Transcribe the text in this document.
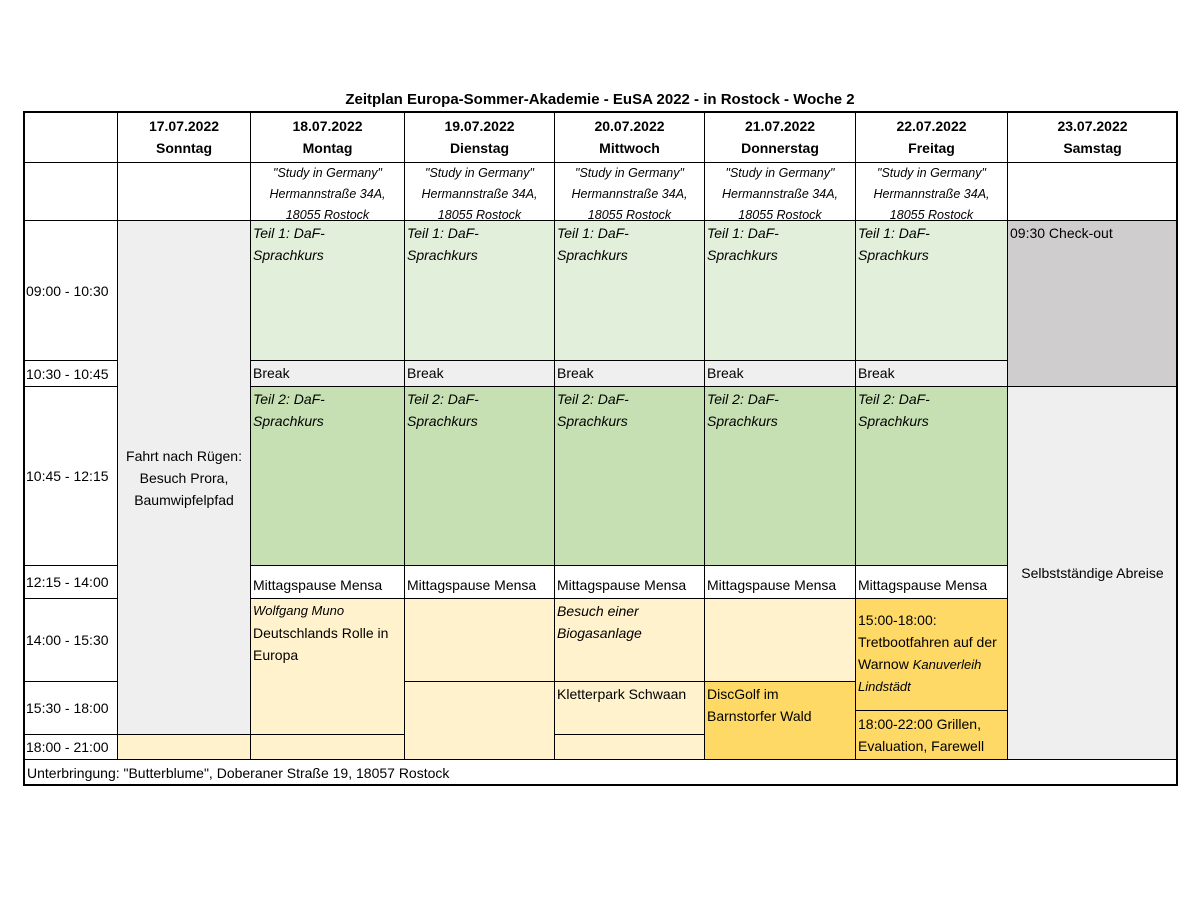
Zeitplan Europa-Sommer-Akademie - EuSA 2022 - in Rostock - Woche 2
17.07.2022
Sonntag
18.07.2022
Montag
19.07.2022
Dienstag
20.07.2022
Mittwoch
21.07.2022
Donnerstag
22.07.2022
Freitag
23.07.2022
Samstag
"Study in Germany"
Hermannstraße 34A,
18055 Rostock
"Study in Germany"
Hermannstraße 34A,
18055 Rostock
"Study in Germany"
Hermannstraße 34A,
18055 Rostock
"Study in Germany"
Hermannstraße 34A,
18055 Rostock
"Study in Germany"
Hermannstraße 34A,
18055 Rostock
09:00 - 10:30
10:30 - 10:45
10:45 - 12:15
12:15 - 14:00
14:00 - 15:30
15:30 - 18:00
18:00 - 21:00
Fahrt nach Rügen:
Besuch Prora,
Baumwipfelpfad
Teil 1: DaF-
Sprachkurs
Break
Teil 2: DaF-
Sprachkurs
Mittagspause Mensa
Wolfgang Muno
Deutschlands Rolle in
Europa
Teil 1: DaF-
Sprachkurs
Break
Teil 2: DaF-
Sprachkurs
Mittagspause Mensa
Teil 1: DaF-
Sprachkurs
Break
Teil 2: DaF-
Sprachkurs
Mittagspause Mensa
Besuch einer
Biogasanlage
Kletterpark Schwaan
Teil 1: DaF-
Sprachkurs
Break
Teil 2: DaF-
Sprachkurs
Mittagspause Mensa
DiscGolf im
Barnstorfer Wald
Teil 1: DaF-
Sprachkurs
Break
Teil 2: DaF-
Sprachkurs
Mittagspause Mensa
15:00-18:00:
Tretbootfahren auf der
Warnow Kanuverleih
Lindstädt
18:00-22:00 Grillen,
Evaluation, Farewell
09:30 Check-out
Selbstständige Abreise
Unterbringung: "Butterblume", Doberaner Straße 19, 18057 Rostock
